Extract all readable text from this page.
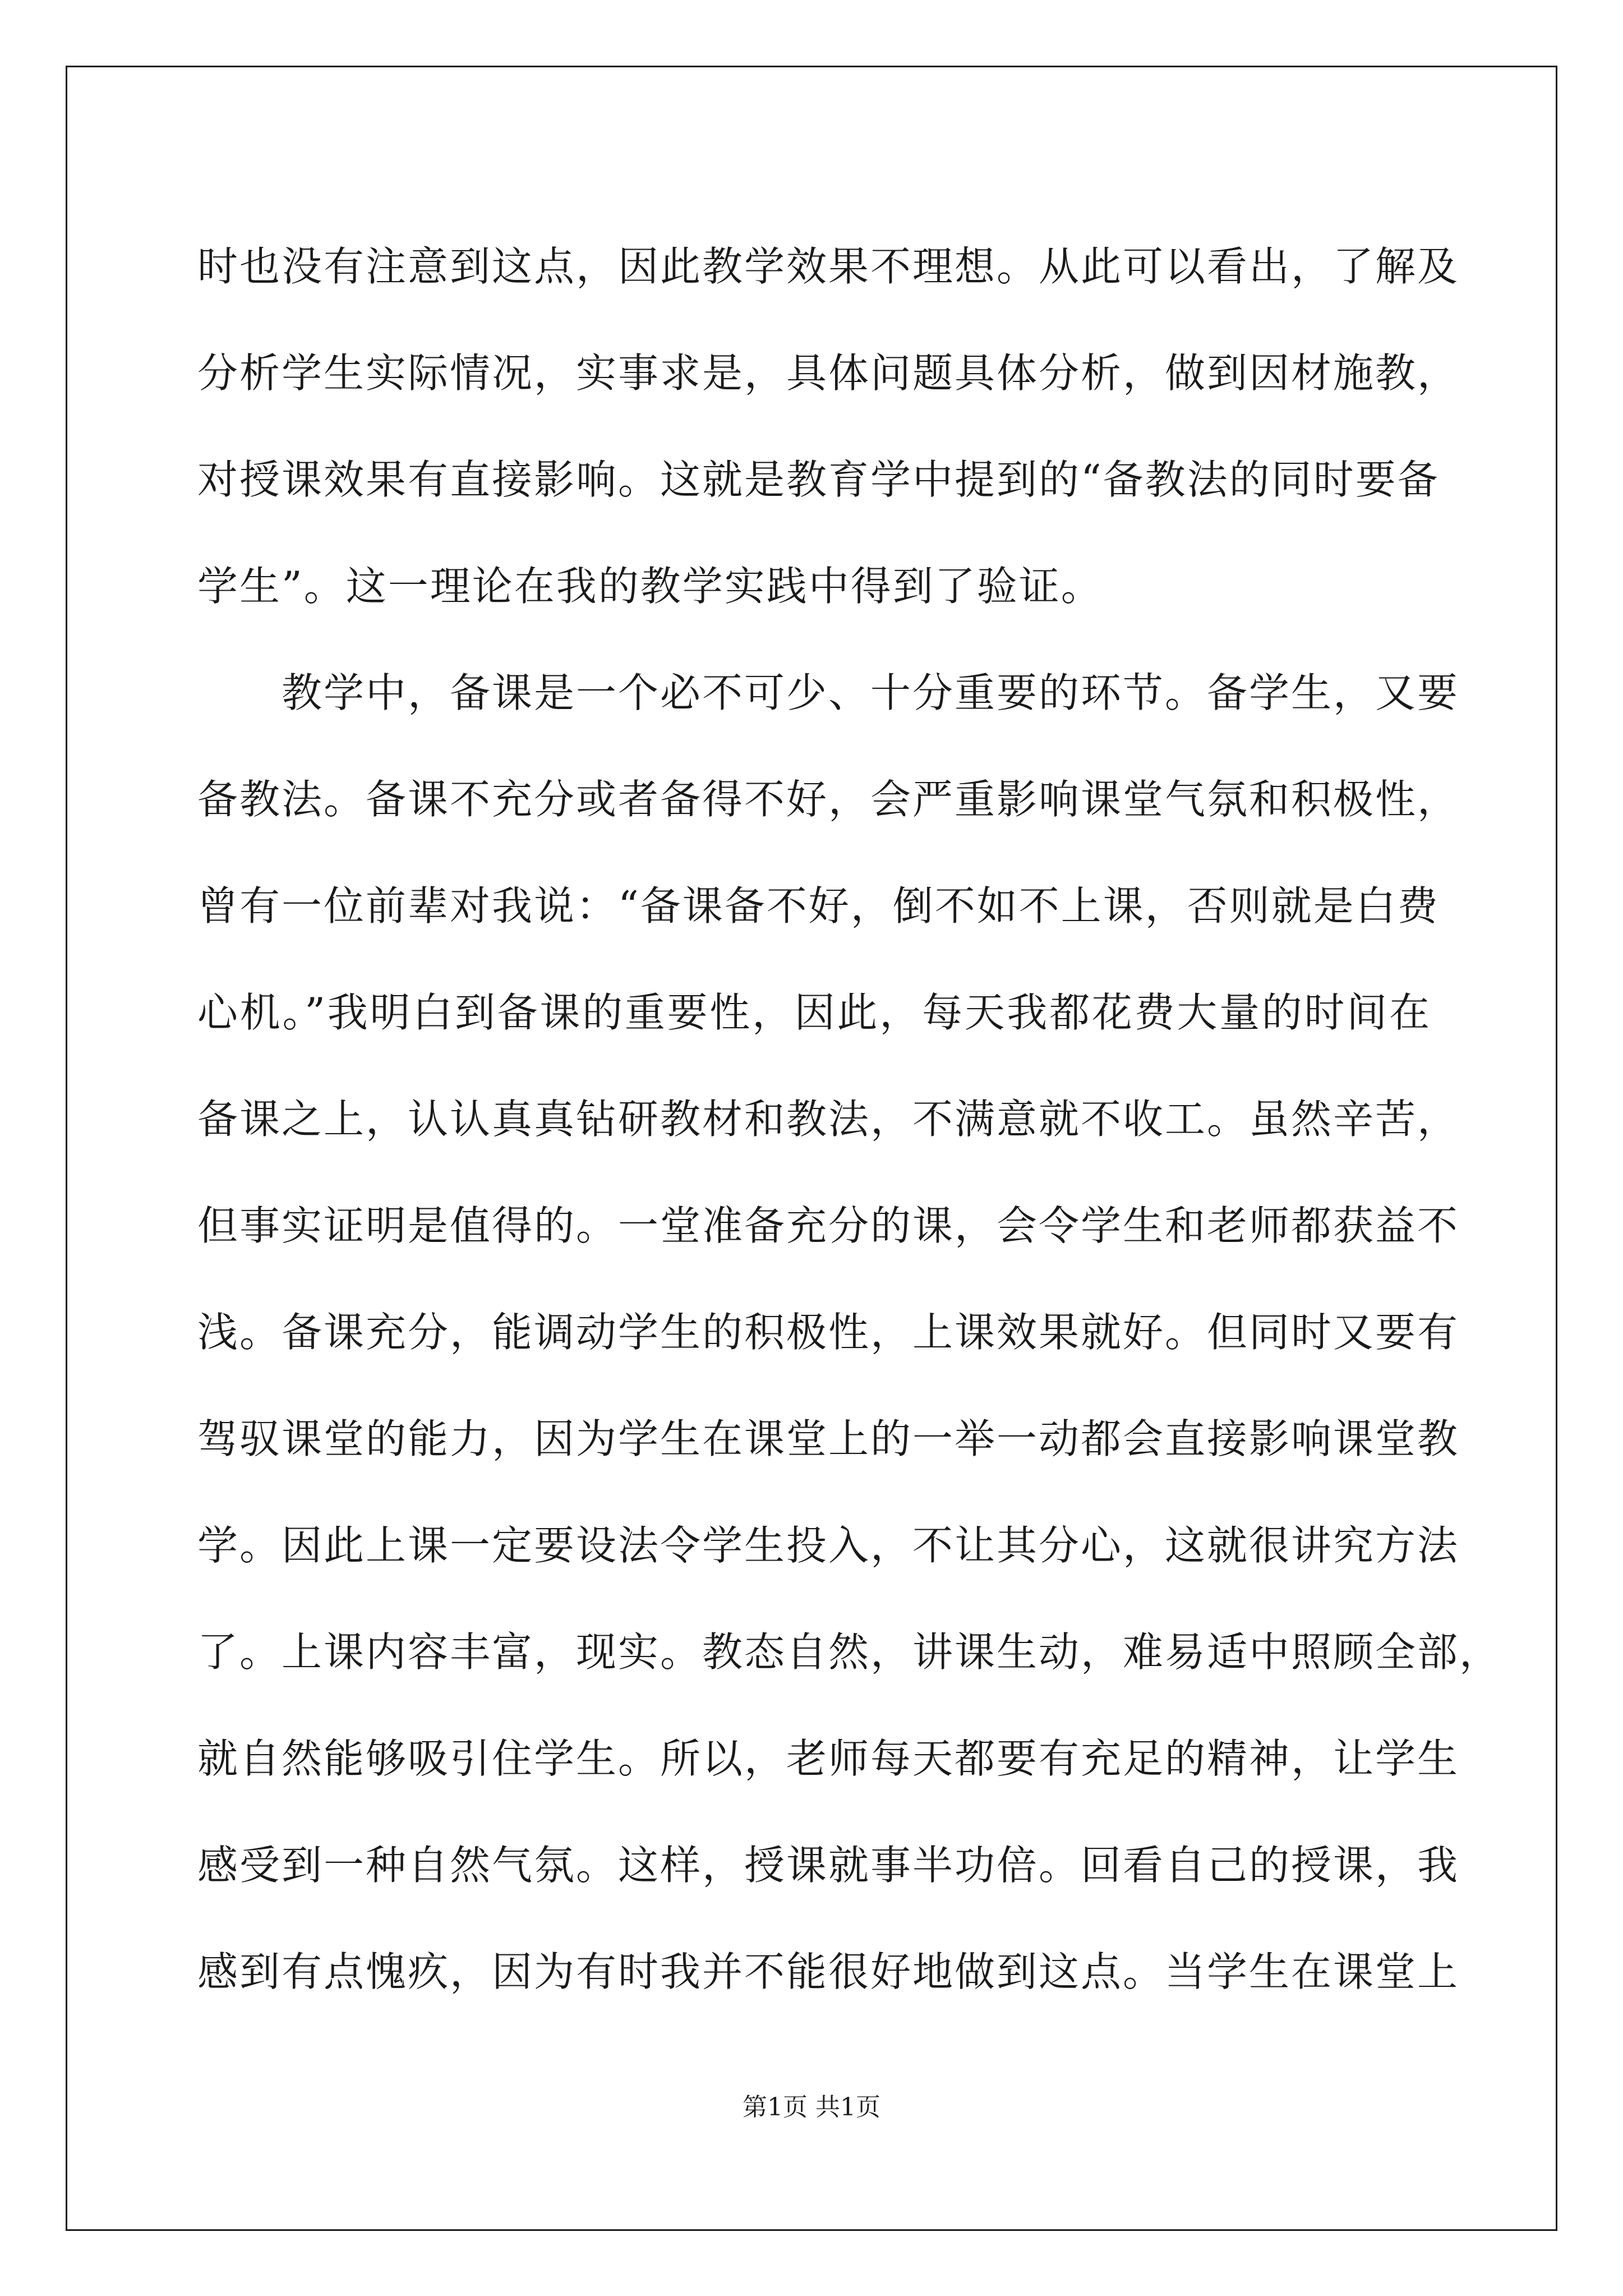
时也没有注意到这点，因此教学效果不理想。从此可以看出，了解及
分析学生实际情况，实事求是，具体问题具体分析，做到因材施教，
对授课效果有直接影响。这就是教育学中提到的“备教法的同时要备
学生”。这一理论在我的教学实践中得到了验证。
教学中，备课是一个必不可少、十分重要的环节。备学生，又要
备教法。备课不充分或者备得不好，会严重影响课堂气氛和积极性，
曾有一位前辈对我说：“备课备不好，倒不如不上课，否则就是白费
心机。”我明白到备课的重要性，因此，每天我都花费大量的时间在
备课之上，认认真真钻研教材和教法，不满意就不收工。虽然辛苦，
但事实证明是值得的。一堂准备充分的课，会令学生和老师都获益不
浅。备课充分，能调动学生的积极性，上课效果就好。但同时又要有
驾驭课堂的能力，因为学生在课堂上的一举一动都会直接影响课堂教
学。因此上课一定要设法令学生投入，不让其分心，这就很讲究方法
了。上课内容丰富，现实。教态自然，讲课生动，难易适中照顾全部，
就自然能够吸引住学生。所以，老师每天都要有充足的精神，让学生
感受到一种自然气氛。这样，授课就事半功倍。回看自己的授课，我
感到有点愧疚，因为有时我并不能很好地做到这点。当学生在课堂上
第1页 共1页
